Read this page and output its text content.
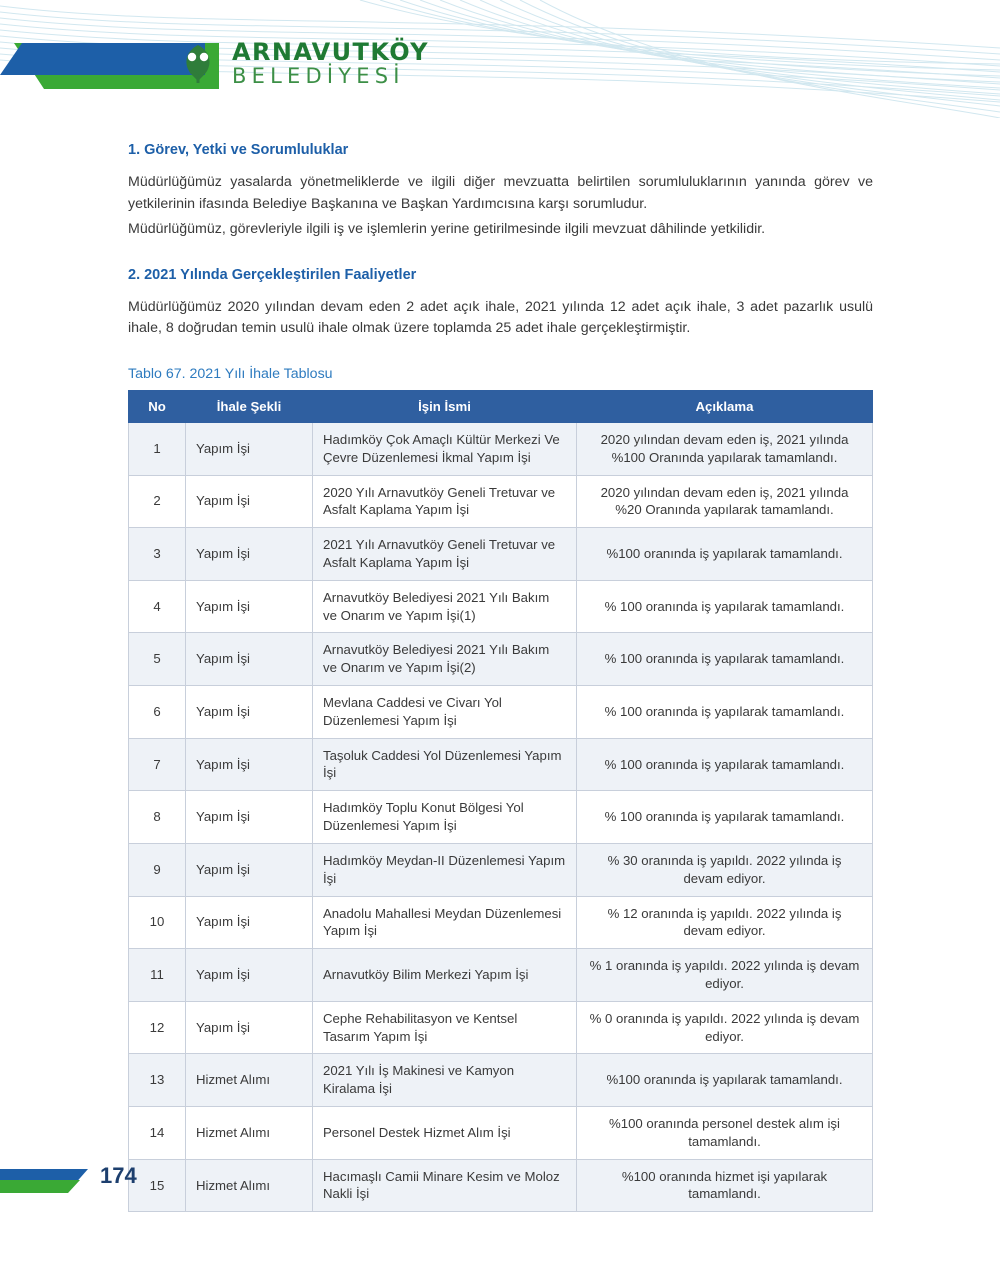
ARNAVUTKÖY
BELEDİYESİ
1. Görev, Yetki ve Sorumluluklar

Müdürlüğümüz yasalarda yönetmeliklerde ve ilgili diğer mevzuatta belirtilen sorumluluklarının yanında görev ve yetkilerinin ifasında Belediye Başkanına ve Başkan Yardımcısına karşı sorumludur.

Müdürlüğümüz, görevleriyle ilgili iş ve işlemlerin yerine getirilmesinde ilgili mevzuat dâhilinde yetkilidir.

2. 2021 Yılında Gerçekleştirilen Faaliyetler

Müdürlüğümüz 2020 yılından devam eden 2 adet açık ihale, 2021 yılında 12 adet açık ihale, 3 adet pazarlık usulü ihale, 8 doğrudan temin usulü ihale olmak üzere toplamda 25 adet ihale gerçekleştirmiştir.

Tablo 67. 2021 Yılı İhale Tablosu
No	İhale Şekli	İşin İsmi	Açıklama
1	Yapım İşi	Hadımköy Çok Amaçlı Kültür Merkezi Ve Çevre Düzenlemesi İkmal Yapım İşi	2020 yılından devam eden iş, 2021 yılında %100 Oranında yapılarak tamamlandı.
2	Yapım İşi	2020 Yılı Arnavutköy Geneli Tretuvar ve Asfalt Kaplama Yapım İşi	2020 yılından devam eden iş, 2021 yılında %20 Oranında yapılarak tamamlandı.
3	Yapım İşi	2021 Yılı Arnavutköy Geneli Tretuvar ve Asfalt Kaplama Yapım İşi	%100 oranında iş yapılarak tamamlandı.
4	Yapım İşi	Arnavutköy Belediyesi 2021 Yılı Bakım ve Onarım ve Yapım İşi(1)	% 100 oranında iş yapılarak tamamlandı.
5	Yapım İşi	Arnavutköy Belediyesi 2021 Yılı Bakım ve Onarım ve Yapım İşi(2)	% 100 oranında iş yapılarak tamamlandı.
6	Yapım İşi	Mevlana Caddesi ve Civarı Yol Düzenlemesi Yapım İşi	% 100 oranında iş yapılarak tamamlandı.
7	Yapım İşi	Taşoluk Caddesi Yol Düzenlemesi Yapım İşi	% 100 oranında iş yapılarak tamamlandı.
8	Yapım İşi	Hadımköy Toplu Konut Bölgesi Yol Düzenlemesi Yapım İşi	% 100 oranında iş yapılarak tamamlandı.
9	Yapım İşi	Hadımköy Meydan-II Düzenlemesi Yapım İşi	% 30 oranında iş yapıldı. 2022 yılında iş devam ediyor.
10	Yapım İşi	Anadolu Mahallesi Meydan Düzenlemesi Yapım İşi	% 12 oranında iş yapıldı. 2022 yılında iş devam ediyor.
11	Yapım İşi	Arnavutköy Bilim Merkezi Yapım İşi	% 1 oranında iş yapıldı. 2022 yılında iş devam ediyor.
12	Yapım İşi	Cephe Rehabilitasyon ve Kentsel Tasarım Yapım İşi	% 0 oranında iş yapıldı. 2022 yılında iş devam ediyor.
13	Hizmet Alımı	2021 Yılı İş Makinesi ve Kamyon Kiralama İşi	%100 oranında iş yapılarak tamamlandı.
14	Hizmet Alımı	Personel Destek Hizmet Alım İşi	%100 oranında personel destek alım işi tamamlandı.
15	Hizmet Alımı	Hacımaşlı Camii Minare Kesim ve Moloz Nakli İşi	%100 oranında hizmet işi yapılarak tamamlandı.
174
